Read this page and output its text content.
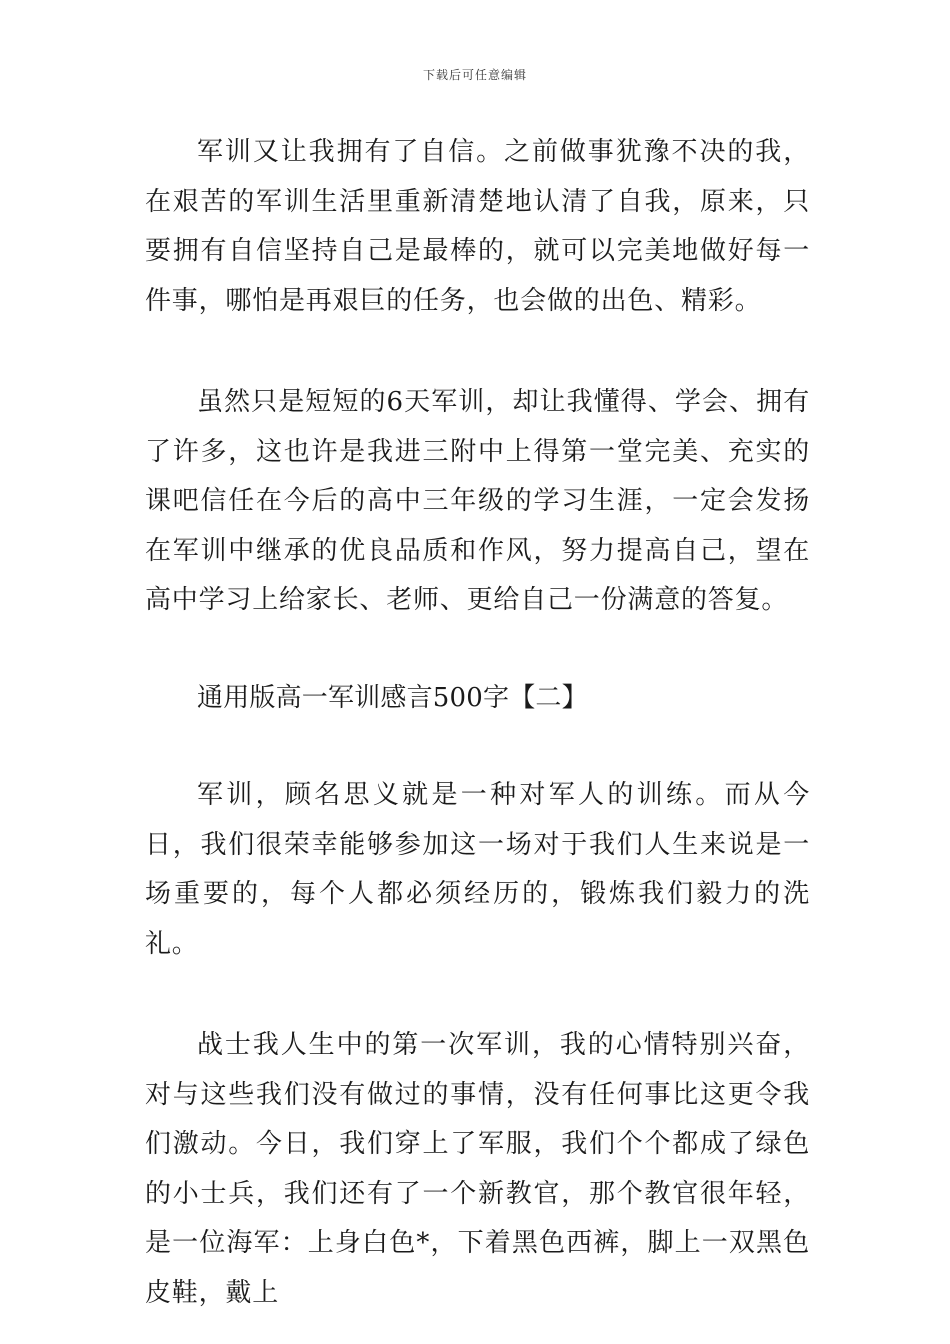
下载后可任意编辑

军训又让我拥有了自信。之前做事犹豫不决的我，在艰苦的军训生活里重新清楚地认清了自我，原来，只要拥有自信坚持自己是最棒的，就可以完美地做好每一件事，哪怕是再艰巨的任务，也会做的出色、精彩。

虽然只是短短的6天军训，却让我懂得、学会、拥有了许多，这也许是我进三附中上得第一堂完美、充实的课吧信任在今后的高中三年级的学习生涯，一定会发扬在军训中继承的优良品质和作风，努力提高自己，望在高中学习上给家长、老师、更给自己一份满意的答复。

通用版高一军训感言500字【二】

军训，顾名思义就是一种对军人的训练。而从今日，我们很荣幸能够参加这一场对于我们人生来说是一场重要的，每个人都必须经历的，锻炼我们毅力的洗礼。

战士我人生中的第一次军训，我的心情特别兴奋，对与这些我们没有做过的事情，没有任何事比这更令我们激动。今日，我们穿上了军服，我们个个都成了绿色的小士兵，我们还有了一个新教官，那个教官很年轻，是一位海军：上身白色*，下着黑色西裤，脚上一双黑色皮鞋，戴上
